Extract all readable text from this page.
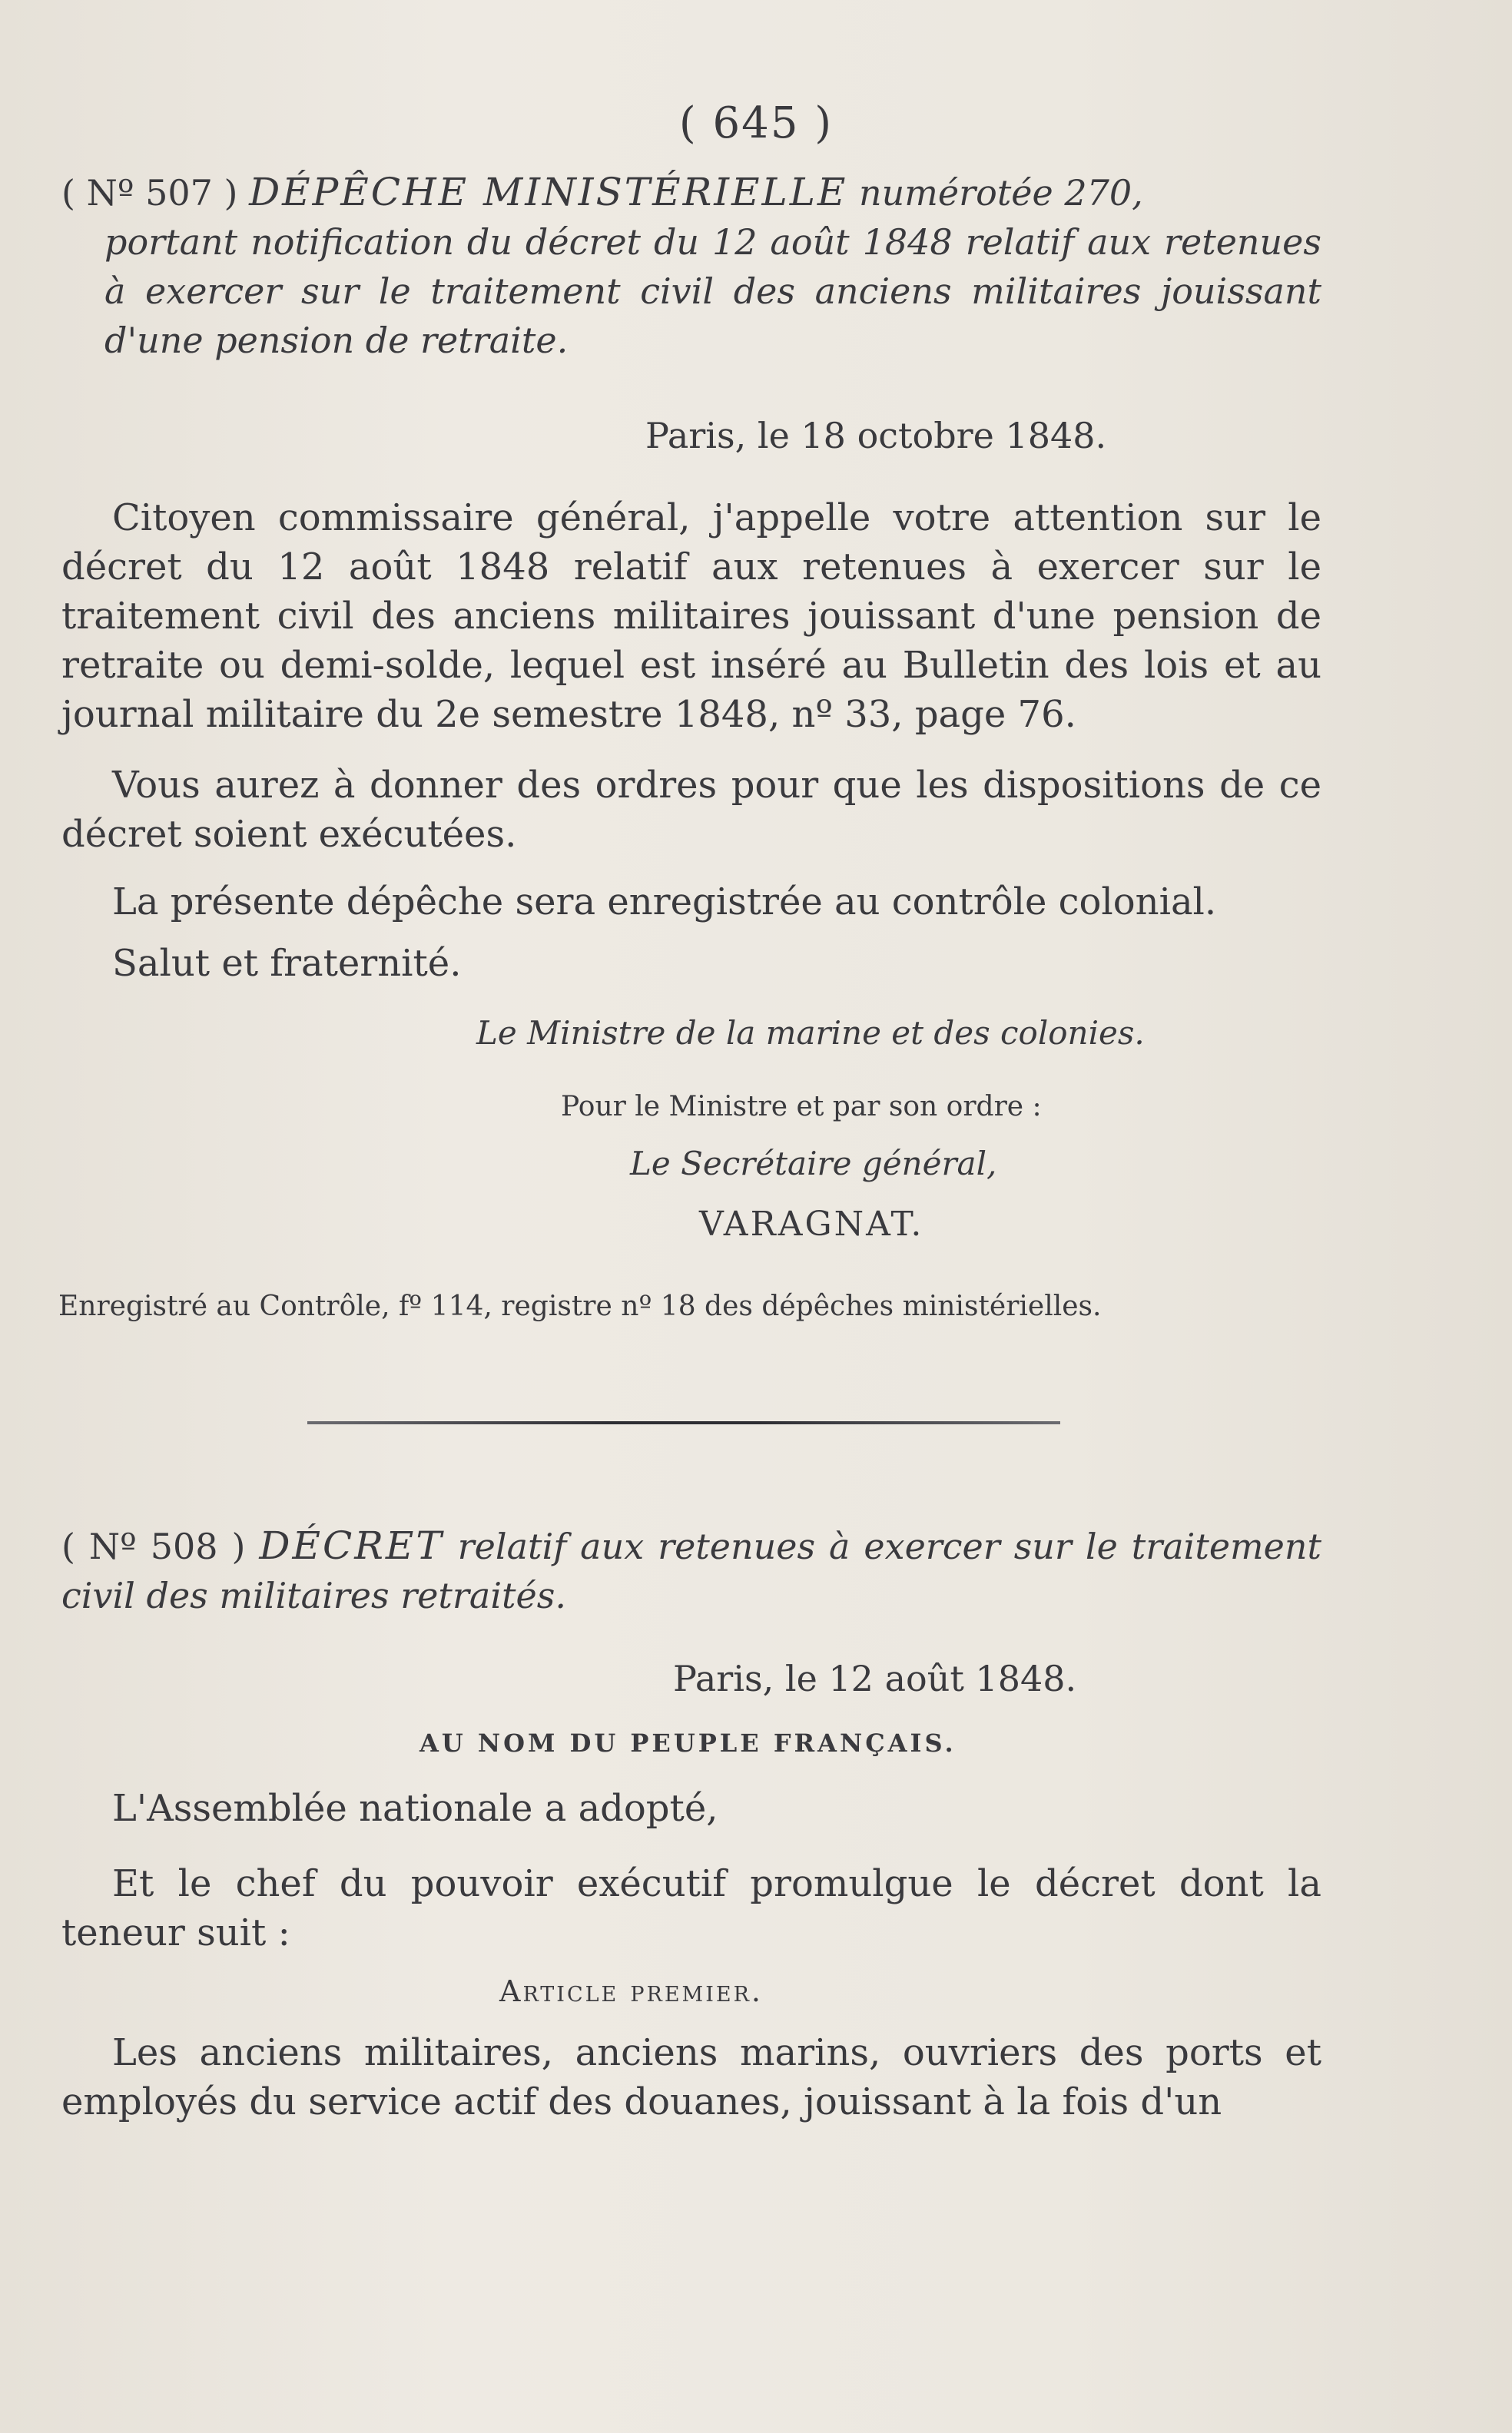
( 645 )
( Nº 507 ) DÉPÊCHE MINISTÉRIELLE numérotée 270,
portant notification du décret du 12 août 1848 relatif aux retenues à exercer sur le traitement civil des anciens militaires jouissant d'une pension de retraite.
Paris, le 18 octobre 1848.
Citoyen commissaire général, j'appelle votre attention sur le décret du 12 août 1848 relatif aux retenues à exercer sur le traitement civil des anciens militaires jouissant d'une pension de retraite ou demi-solde, lequel est inséré au Bulletin des lois et au journal militaire du 2e semestre 1848, nº 33, page 76.
Vous aurez à donner des ordres pour que les dispositions de ce décret soient exécutées.
La présente dépêche sera enregistrée au contrôle colonial.
Salut et fraternité.
Le Ministre de la marine et des colonies.
Pour le Ministre et par son ordre :
Le Secrétaire général,
VARAGNAT.
Enregistré au Contrôle, fº 114, registre nº 18 des dépêches ministérielles.
( Nº 508 ) DÉCRET relatif aux retenues à exercer sur le traitement civil des militaires retraités.
Paris, le 12 août 1848.
AU NOM DU PEUPLE FRANÇAIS.
L'Assemblée nationale a adopté,
Et le chef du pouvoir exécutif promulgue le décret dont la teneur suit :
Article premier.
Les anciens militaires, anciens marins, ouvriers des ports et employés du service actif des douanes, jouissant à la fois d'un
